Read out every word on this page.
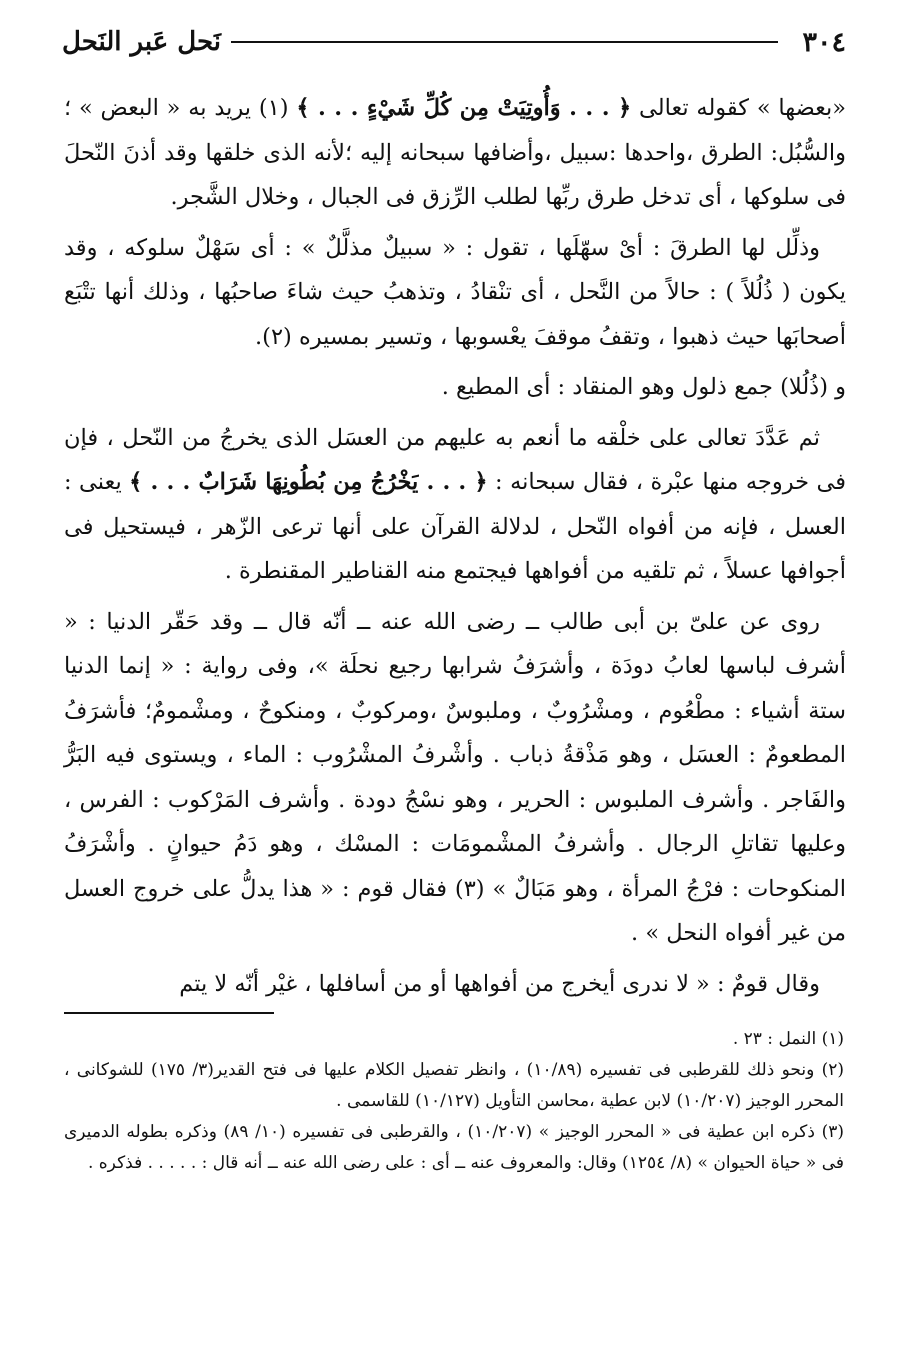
٣٠٤
نَحل عَبر النَحل

«بعضها » كقوله تعالى ﴿ . . . وَأُوتِيَتْ مِن كُلِّ شَيْءٍ . . . ﴾ (١) يريد به « البعض » ؛ والسُّبُل: الطرق ،واحدها :سبيل ،وأضافها سبحانه إليه ؛لأنه الذى خلقها وقد أذنَ النّحلَ فى سلوكها ، أى تدخل طرق ربِّها لطلب الرِّزق فى الجبال ، وخلال الشَّجر.

وذلِّل لها الطرقَ : أىْ سهّلَها ، تقول : « سبيلٌ مذلَّلٌ » : أى سَهْلٌ سلوكه ، وقد يكون ( ذُلُلاً ) : حالاً من النَّحل ، أى تنْقادُ ، وتذهبُ حيث شاءَ صاحبُها ، وذلك أنها تتْبَع أصحابَها حيث ذهبوا ، وتقفُ موقفَ يعْسوبها ، وتسير بمسيره (٢).

و (ذُلُلا) جمع ذلول وهو المنقاد : أى المطيع .

ثم عَدَّدَ تعالى على خلْقه ما أنعم به عليهم من العسَل الذى يخرجُ من النّحل ، فإن فى خروجه منها عبْرة ، فقال سبحانه : ﴿ . . . يَخْرُجُ مِن بُطُونِهَا شَرَابٌ . . . ﴾ يعنى : العسل ، فإنه من أفواه النّحل ، لدلالة القرآن على أنها ترعى الزّهر ، فيستحيل فى أجوافها عسلاً ، ثم تلقيه من أفواهها فيجتمع منه القناطير المقنطرة .

روى عن علىّ بن أبى طالب ــ رضى الله عنه ــ أنّه قال ــ وقد حَقّر الدنيا : « أشرف لباسها لعابُ دودَة ، وأشرَفُ شرابها رجيع نحلَة »، وفى رواية : « إنما الدنيا ستة أشياء : مطْعُوم ، ومشْرُوبٌ ، وملبوسٌ ،ومركوبٌ ، ومنكوحٌ ، ومشْمومٌ؛ فأشرَفُ المطعومٌ : العسَل ، وهو مَذْقةُ ذباب . وأشْرفُ المشْرُوب : الماء ، ويستوى فيه البَرُّ والفَاجر . وأشرف الملبوس : الحرير ، وهو نسْجُ دودة . وأشرف المَرْكوب : الفرس ، وعليها تقاتلِ الرجال . وأشرفُ المشْمومَات : المسْك ، وهو دَمُ حيوانٍ . وأشْرَفُ المنكوحات : فرْجُ المرأة ، وهو مَبَالٌ » (٣) فقال قوم : « هذا يدلُّ على خروج العسل من غير أفواه النحل » .

وقال قومٌ : « لا ندرى أيخرج من أفواهها أو من أسافلها ، غيْر أنّه لا يتم

(١) النمل : ٢٣ .

(٢) ونحو ذلك للقرطبى فى تفسيره (١٠/٨٩) ، وانظر تفصيل الكلام عليها فى فتح القدير(٣/ ١٧٥) للشوكانى ، المحرر الوجيز (١٠/٢٠٧) لابن عطية ،محاسن التأويل (١٠/١٢٧) للقاسمى .

(٣) ذكره ابن عطية فى « المحرر الوجيز » (١٠/٢٠٧) ، والقرطبى فى تفسيره (١٠/ ٨٩) وذكره بطوله الدميرى فى « حياة الحيوان » (٨/ ١٢٥٤) وقال: والمعروف عنه ــ أى : على رضى الله عنه ــ أنه قال : . . . . . فذكره .
